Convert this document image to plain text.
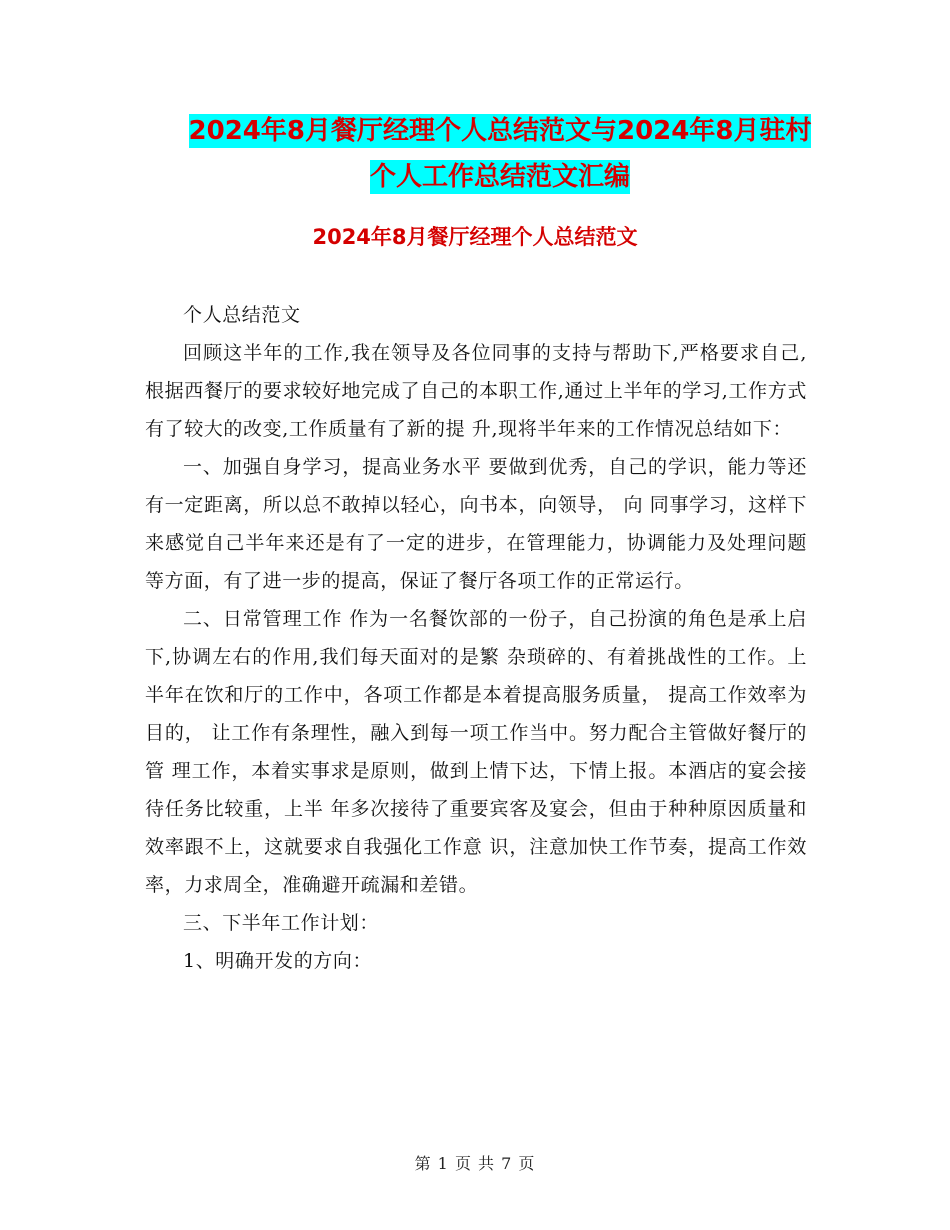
2024年8月餐厅经理个人总结范文与2024年8月驻村
个人工作总结范文汇编
2024年8月餐厅经理个人总结范文

个人总结范文

回顾这半年的工作,我在领导及各位同事的支持与帮助下,严格要求自己,根据西餐厅的要求较好地完成了自己的本职工作,通过上半年的学习,工作方式有了较大的改变,工作质量有了新的提 升,现将半年来的工作情况总结如下：

一、加强自身学习，提高业务水平 要做到优秀，自己的学识，能力等还有一定距离，所以总不敢掉以轻心，向书本，向领导， 向 同事学习，这样下来感觉自己半年来还是有了一定的进步，在管理能力，协调能力及处理问题 等方面，有了进一步的提高，保证了餐厅各项工作的正常运行。

二、日常管理工作 作为一名餐饮部的一份子，自己扮演的角色是承上启下,协调左右的作用,我们每天面对的是繁 杂琐碎的、有着挑战性的工作。上半年在饮和厅的工作中，各项工作都是本着提高服务质量， 提高工作效率为目的， 让工作有条理性，融入到每一项工作当中。努力配合主管做好餐厅的管 理工作，本着实事求是原则，做到上情下达，下情上报。本酒店的宴会接待任务比较重，上半 年多次接待了重要宾客及宴会，但由于种种原因质量和效率跟不上，这就要求自我强化工作意 识，注意加快工作节奏，提高工作效率，力求周全，准确避开疏漏和差错。

三、下半年工作计划：

1、明确开发的方向：

第 1 页 共 7 页
